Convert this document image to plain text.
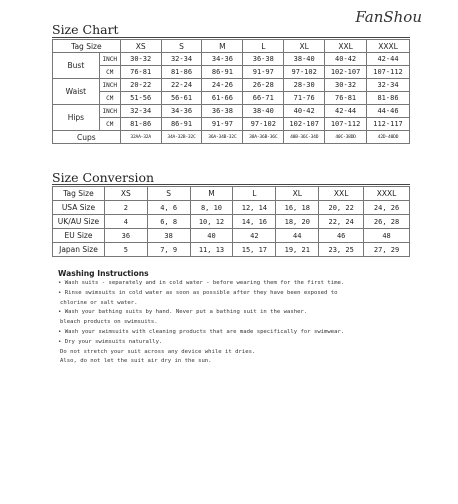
FanShou
Size Chart
Tag Size		XS	S	M	L	XL	XXL	XXXL
Bust	INCH	30-32	32-34	34-36	36-38	38-40	40-42	42-44
	CM	76-81	81-86	86-91	91-97	97-102	102-107	107-112
Waist	INCH	20-22	22-24	24-26	26-28	28-30	30-32	32-34
	CM	51-56	56-61	61-66	66-71	71-76	76-81	81-86
Hips	INCH	32-34	34-36	36-38	38-40	40-42	42-44	44-46
	CM	81-86	86-91	91-97	97-102	102-107	107-112	112-117
Cups		32AA-32A	34A-32B-32C	36A-34B-32C	38A-36B-36C	40B-36C-34D	40C-38DD	42D-40DD
Size Conversion
Tag Size	XS	S	M	L	XL	XXL	XXXL
USA Size	2	4, 6	8, 10	12, 14	16, 18	20, 22	24, 26
UK/AU Size	4	6, 8	10, 12	14, 16	18, 20	22, 24	26, 28
EU Size	36	38	40	42	44	46	48
Japan Size	5	7, 9	11, 13	15, 17	19, 21	23, 25	27, 29
Washing Instructions
• Wash suits - separately and in cold water - before wearing them for the first time.
• Rinse swimsuits in cold water as soon as possible after they have been exposed to
chlorine or salt water.
• Wash your bathing suits by hand. Never put a bathing suit in the washer.
bleach products on swimsuits.
• Wash your swimsuits with cleaning products that are made specifically for swimwear.
• Dry your swimsuits naturally.
Do not stretch your suit across any device while it dries.
Also, do not let the suit air dry in the sun.
